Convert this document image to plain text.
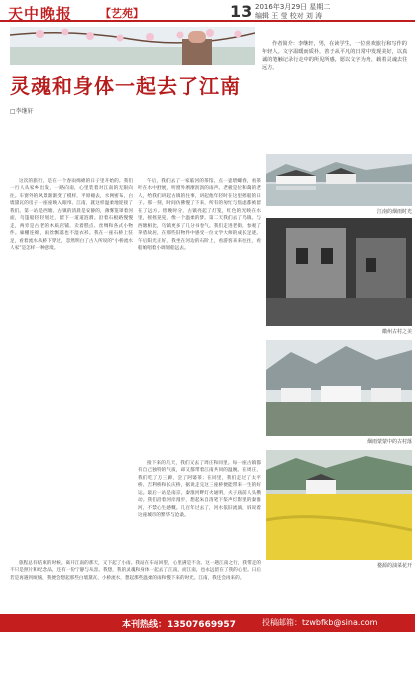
天中晚报	【艺苑】	13 2016年3月29日 星期二
编辑 王 莹 校对 刘 涛
作者简介：李继轩，男，在读学生，一位喜欢旅行和写作的年轻人。文字温暖而质朴，善于从平凡的日常中发现美好，以真诚的笔触记录行走中的所见所感，愿以文字为舟，载着灵魂去往远方。
灵魂和身体一起去了江南
□李继轩

这次的旅行，是在一个春雨绵绵的日子里开始的。我们一行人从家乡出发，一路向南，心里装着对江南的无限向往。车窗外的风景渐渐变了模样，平原褪去，水网密布，白墙黛瓦的房子一座座映入眼帘。江南，就这样温柔地迎接了我们。第一站是西塘。古镇的清晨是安静的，薄雾笼罩着河面，乌篷船轻轻划过，留下一道道涟漪。沿着石板路慢慢走，两旁是古老的木质店铺，卖着糕点、丝绸和各式小物件。廊棚连绵，雨丝飘落也不湿衣衫。我在一座石桥上驻足，看着流水从桥下穿过，忽然明白了古人所说的“小桥流水人家”是怎样一种意境。

午后，我们去了一家临河的茶馆。点一壶碧螺春，看茶叶在水中舒展，听窗外淅淅沥沥的雨声。老板是位和蔼的老人，给我们讲起古镇的往事，讲起他年轻时在这里摇船的日子。那一刻，时间仿佛慢了下来，所有的匆忙与焦虑都被留在了远方。傍晚时分，古镇亮起了灯笼，红色的光映在水里，摇摇晃晃，像一个温柔的梦。第二天我们去了乌镇。与西塘相比，乌镇更多了几分书卷气。我们走进老街，参观了茅盾故居，在那些旧物件中感受一位文学大师的成长足迹。午后阳光正好，我坐在河边的石阶上，看游客来来往往，看船娘唱着小调划船远去。

接下来的几天，我们又去了周庄和同里。每一座古镇都有自己独特的气质，却又都带着江南共同的温婉。在周庄，我们吃了万三蹄，尝了阿婆茶；在同里，我们走过了太平桥、吉利桥和长庆桥，据说走完这三座桥便能带来一生的好运。最后一站是南京。秦淮河畔灯火通明，夫子庙前人头攒动。我们沿着河岸漫步，想起朱自清笔下桨声灯影里的秦淮河，不禁心生感慨。几百年过去了，河水依旧流淌，诉说着这座城市的繁华与沧桑。

旅程总有结束的时候。离开江南的那天，又下起了小雨。我站在车站回望，心里满是不舍。这一趟江南之行，我带走的不只是照片和纪念品，还有一份宁静与从容。我想，我的灵魂和身体一起去了江南，而江南，也永远留在了我的心里。日后若是再遇到烦恼，我便会想起那些白墙黛瓦、小桥流水，想起那些温柔的雨和慢下来的时光。江南，我还会再来的。

江南的烟雨时光
徽州古村之美
烟雨蒙蒙中的古村落
婺源的油菜花开
本刊热线：13507669957	投稿邮箱：tzwbfkb@sina.com
